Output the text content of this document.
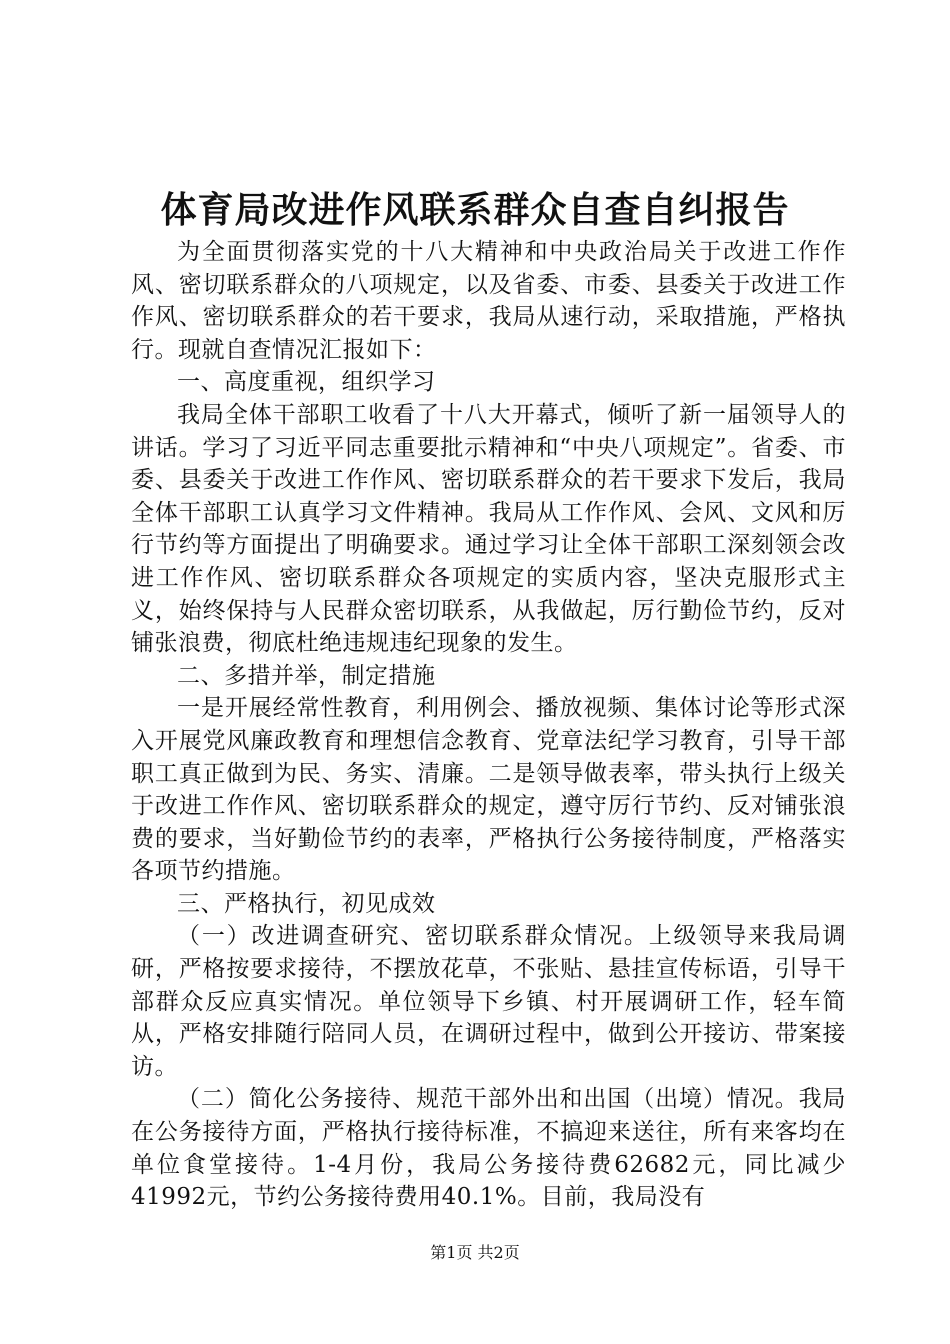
体育局改进作风联系群众自查自纠报告

为全面贯彻落实党的十八大精神和中央政治局关于改进工作作风、密切联系群众的八项规定，以及省委、市委、县委关于改进工作作风、密切联系群众的若干要求，我局从速行动，采取措施，严格执行。现就自查情况汇报如下：

一、高度重视，组织学习

我局全体干部职工收看了十八大开幕式，倾听了新一届领导人的讲话。学习了习近平同志重要批示精神和“中央八项规定”。省委、市委、县委关于改进工作作风、密切联系群众的若干要求下发后，我局全体干部职工认真学习文件精神。我局从工作作风、会风、文风和厉行节约等方面提出了明确要求。通过学习让全体干部职工深刻领会改进工作作风、密切联系群众各项规定的实质内容，坚决克服形式主义，始终保持与人民群众密切联系，从我做起，厉行勤俭节约，反对铺张浪费，彻底杜绝违规违纪现象的发生。

二、多措并举，制定措施

一是开展经常性教育，利用例会、播放视频、集体讨论等形式深入开展党风廉政教育和理想信念教育、党章法纪学习教育，引导干部职工真正做到为民、务实、清廉。二是领导做表率，带头执行上级关于改进工作作风、密切联系群众的规定，遵守厉行节约、反对铺张浪费的要求，当好勤俭节约的表率，严格执行公务接待制度，严格落实各项节约措施。

三、严格执行，初见成效

（一）改进调查研究、密切联系群众情况。上级领导来我局调研，严格按要求接待，不摆放花草，不张贴、悬挂宣传标语，引导干部群众反应真实情况。单位领导下乡镇、村开展调研工作，轻车简从，严格安排随行陪同人员，在调研过程中，做到公开接访、带案接访。

（二）简化公务接待、规范干部外出和出国（出境）情况。我局在公务接待方面，严格执行接待标准，不搞迎来送往，所有来客均在单位食堂接待。1-4月份，我局公务接待费62682元，同比减少41992元，节约公务接待费用40.1%。目前，我局没有

第1页 共2页
